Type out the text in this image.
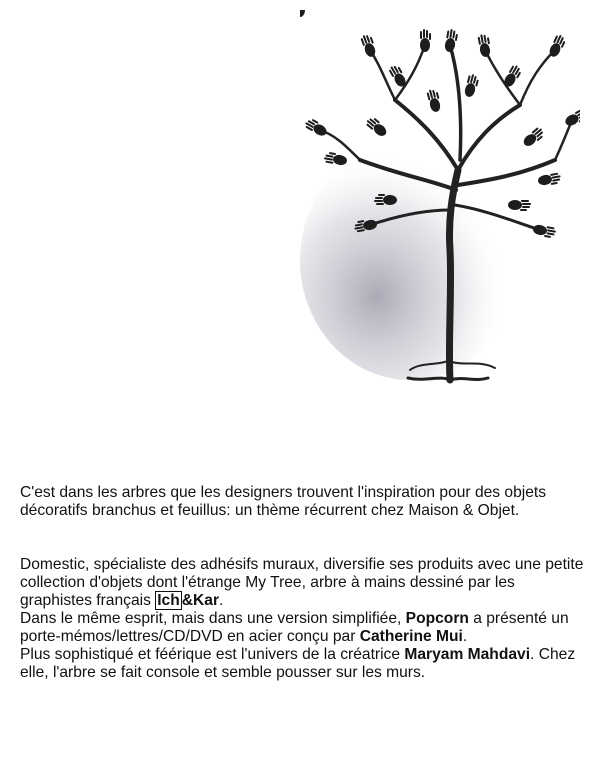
C'est dans les arbres que les designers trouvent l'inspiration pour des objets décoratifs branchus et feuillus: un thème récurrent chez Maison & Objet.

Domestic, spécialiste des adhésifs muraux, diversifie ses produits avec une petite collection d'objets dont l'étrange My Tree, arbre à mains dessiné par les graphistes français Ich &Kar.

Dans le même esprit, mais dans une version simplifiée, Popcorn a présenté un porte-mémos/lettres/CD/DVD en acier conçu par Catherine Mui.

Plus sophistiqué et féérique est l'univers de la créatrice Maryam Mahdavi. Chez elle, l'arbre se fait console et semble pousser sur les murs.
